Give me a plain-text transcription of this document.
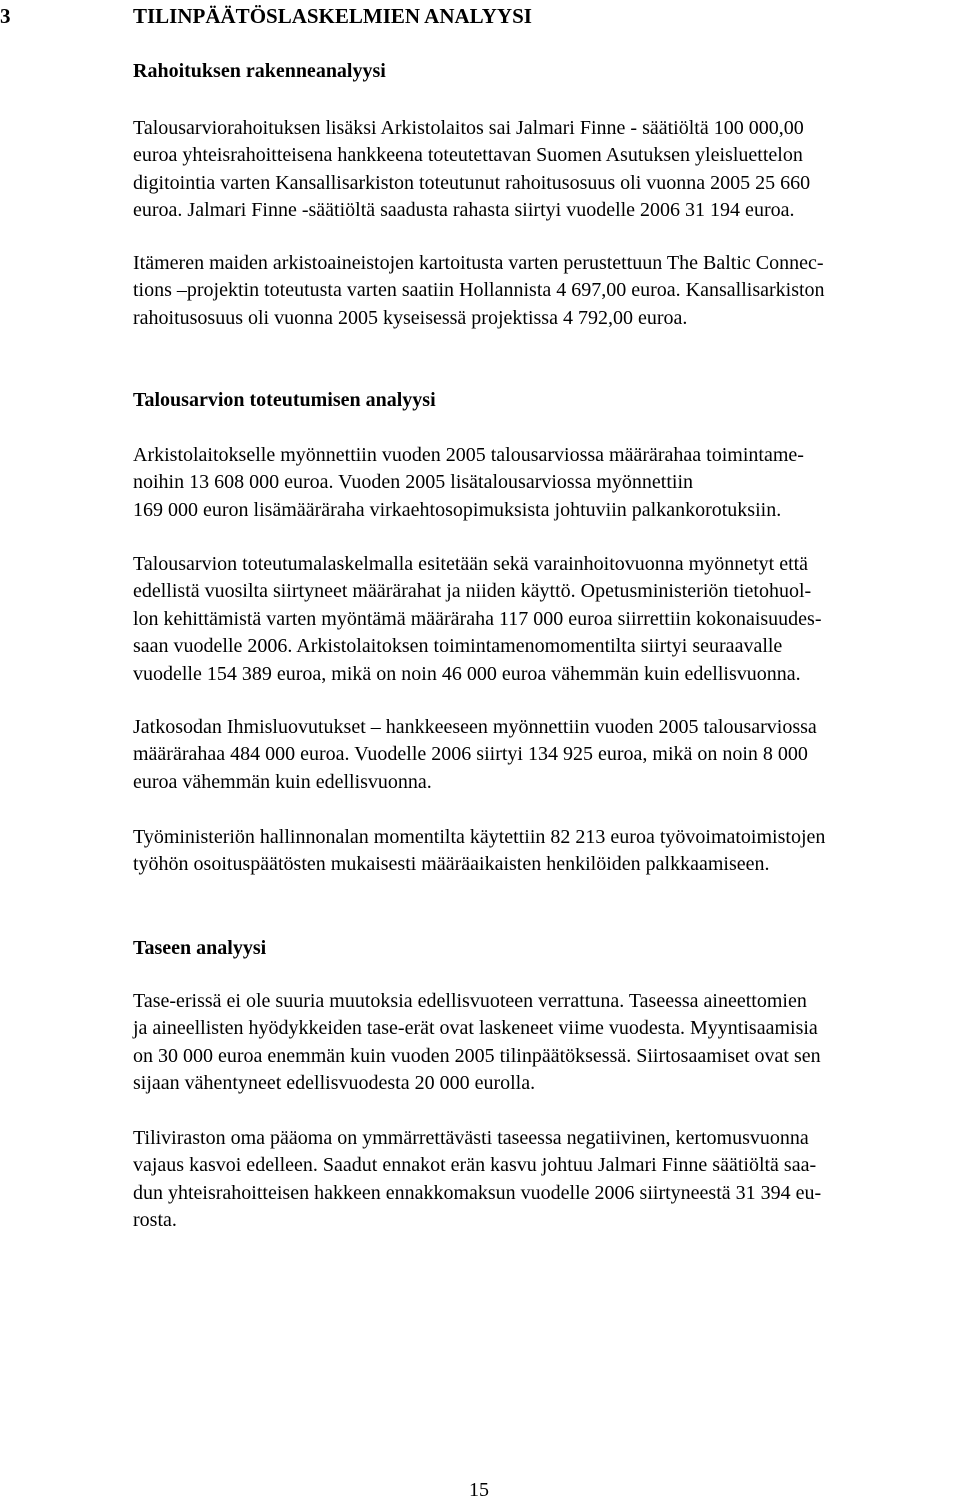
3	TILINPÄÄTÖSLASKELMIEN ANALYYSI
Rahoituksen rakenneanalyysi
Talousarviorahoituksen lisäksi Arkistolaitos sai Jalmari Finne - säätiöltä 100 000,00
euroa yhteisrahoitteisena hankkeena toteutettavan Suomen Asutuksen yleisluettelon
digitointia varten Kansallisarkiston toteutunut rahoitusosuus oli vuonna 2005 25 660
euroa. Jalmari Finne -säätiöltä saadusta rahasta siirtyi vuodelle 2006 31 194 euroa.
Itämeren maiden arkistoaineistojen kartoitusta varten perustettuun The Baltic Connec-
tions –projektin toteutusta varten saatiin Hollannista 4 697,00 euroa. Kansallisarkiston
rahoitusosuus oli vuonna 2005 kyseisessä projektissa 4 792,00 euroa.
Talousarvion toteutumisen analyysi
Arkistolaitokselle myönnettiin vuoden 2005 talousarviossa määrärahaa toimintame-
noihin 13 608 000 euroa. Vuoden 2005 lisätalousarviossa myönnettiin
169 000 euron lisämääräraha virkaehtosopimuksista johtuviin palkankorotuksiin.
Talousarvion toteutumalaskelmalla esitetään sekä varainhoitovuonna myönnetyt että
edellistä vuosilta siirtyneet määrärahat ja niiden käyttö. Opetusministeriön tietohuol-
lon kehittämistä varten myöntämä määräraha 117 000 euroa siirrettiin kokonaisuudes-
saan vuodelle 2006. Arkistolaitoksen toimintamenomomentilta siirtyi seuraavalle
vuodelle 154 389 euroa, mikä on noin 46 000 euroa vähemmän kuin edellisvuonna.
Jatkosodan Ihmisluovutukset – hankkeeseen myönnettiin vuoden 2005 talousarviossa
määrärahaa 484 000 euroa. Vuodelle 2006 siirtyi 134 925 euroa, mikä on noin 8 000
euroa vähemmän kuin edellisvuonna.
Työministeriön hallinnonalan momentilta käytettiin 82 213 euroa työvoimatoimistojen
työhön osoituspäätösten mukaisesti määräaikaisten henkilöiden palkkaamiseen.
Taseen analyysi
Tase-erissä ei ole suuria muutoksia edellisvuoteen verrattuna. Taseessa aineettomien
ja aineellisten hyödykkeiden tase-erät ovat laskeneet viime vuodesta. Myyntisaamisia
on 30 000 euroa enemmän kuin vuoden 2005 tilinpäätöksessä. Siirtosaamiset ovat sen
sijaan vähentyneet edellisvuodesta 20 000 eurolla.
Tiliviraston oma pääoma on ymmärrettävästi taseessa negatiivinen, kertomusvuonna
vajaus kasvoi edelleen. Saadut ennakot erän kasvu johtuu Jalmari Finne säätiöltä saa-
dun yhteisrahoitteisen hakkeen ennakkomaksun vuodelle 2006 siirtyneestä 31 394 eu-
rosta.
15
